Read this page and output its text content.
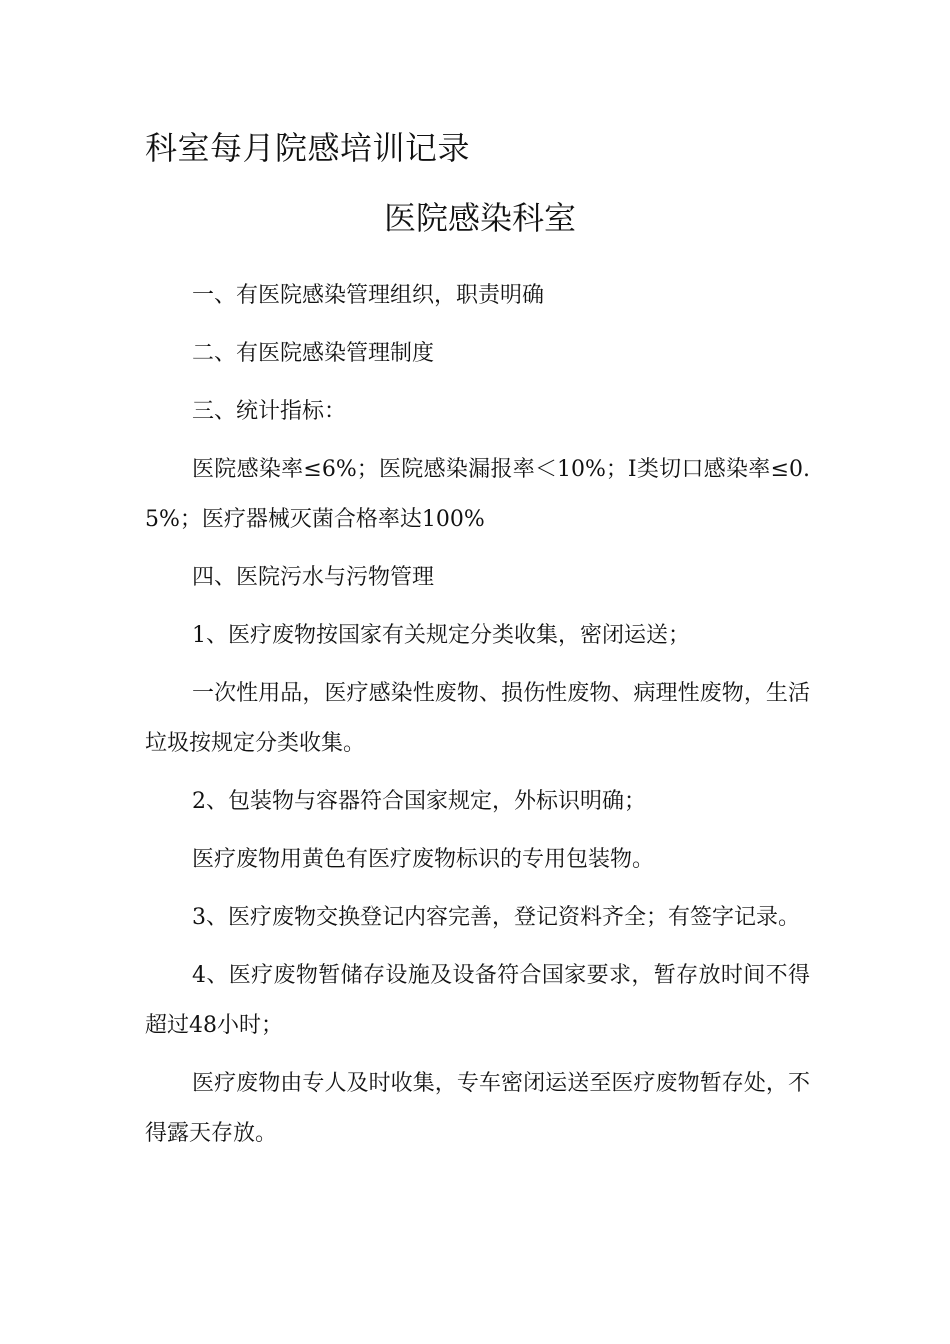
科室每月院感培训记录
医院感染科室

一、有医院感染管理组织，职责明确

二、有医院感染管理制度

三、统计指标：

医院感染率≤6%；医院感染漏报率＜10%；I类切口感染率≤0.5%；医疗器械灭菌合格率达100%

四、医院污水与污物管理

1、医疗废物按国家有关规定分类收集，密闭运送；

一次性用品，医疗感染性废物、损伤性废物、病理性废物，生活垃圾按规定分类收集。

2、包装物与容器符合国家规定，外标识明确；

医疗废物用黄色有医疗废物标识的专用包装物。

3、医疗废物交换登记内容完善，登记资料齐全；有签字记录。

4、医疗废物暂储存设施及设备符合国家要求，暂存放时间不得超过48小时；

医疗废物由专人及时收集，专车密闭运送至医疗废物暂存处，不得露天存放。
